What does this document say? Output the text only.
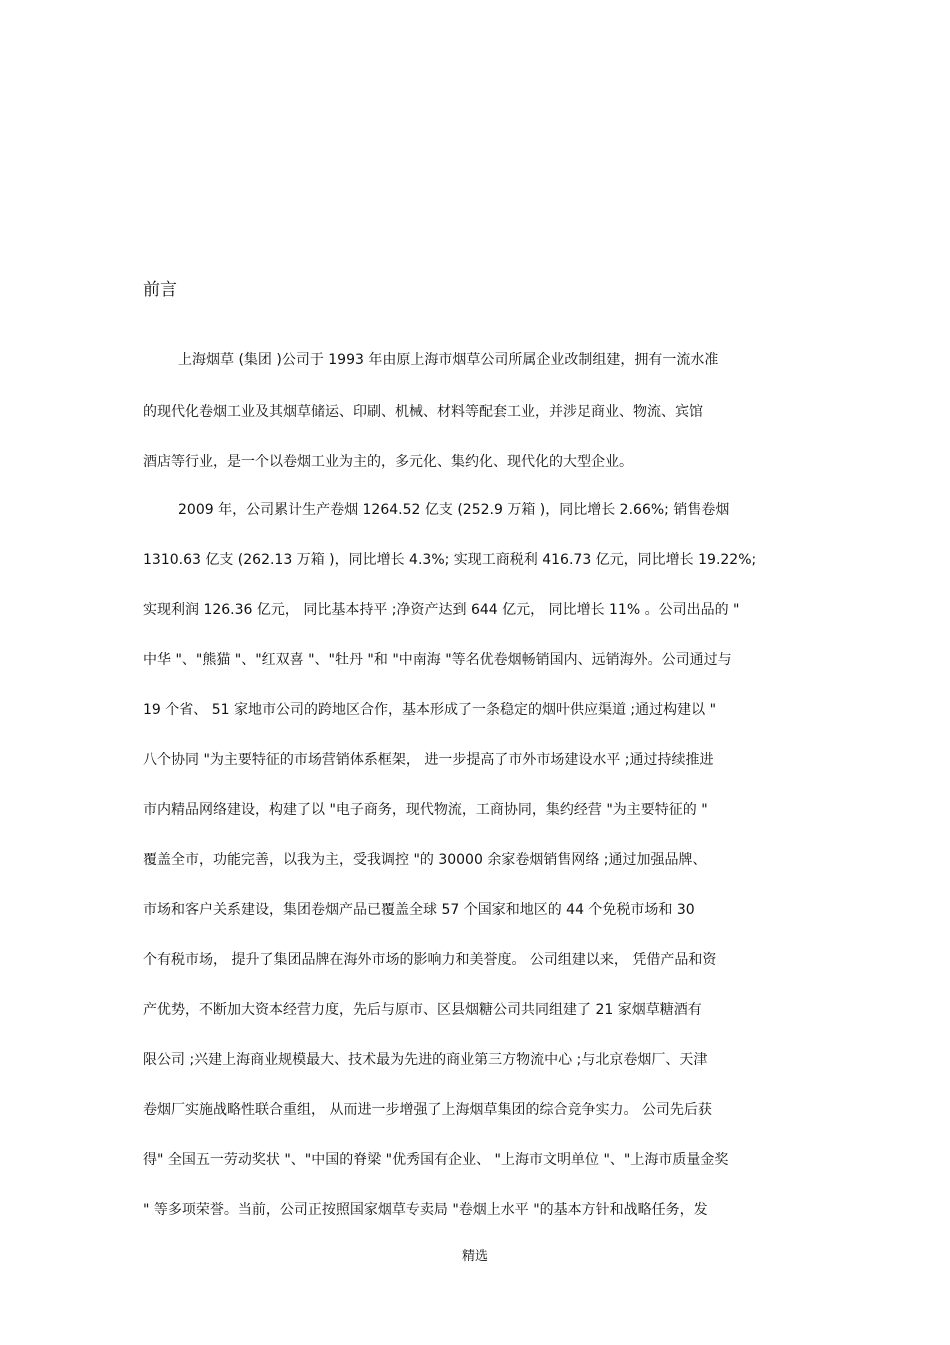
前言
上海烟草 (集团 )公司于 1993 年由原上海市烟草公司所属企业改制组建，拥有一流水准
的现代化卷烟工业及其烟草储运、印刷、机械、材料等配套工业，并涉足商业、物流、宾馆
酒店等行业，是一个以卷烟工业为主的，多元化、集约化、现代化的大型企业。
2009 年，公司累计生产卷烟 1264.52 亿支 (252.9 万箱 )，同比增长 2.66%; 销售卷烟
1310.63 亿支 (262.13 万箱 )，同比增长 4.3%; 实现工商税利 416.73 亿元，同比增长 19.22%;
实现利润 126.36 亿元， 同比基本持平 ;净资产达到 644 亿元， 同比增长 11% 。公司出品的 "
中华 "、"熊猫 "、"红双喜 "、"牡丹 "和 "中南海 "等名优卷烟畅销国内、远销海外。公司通过与
19 个省、 51 家地市公司的跨地区合作，基本形成了一条稳定的烟叶供应渠道 ;通过构建以 "
八个协同 "为主要特征的市场营销体系框架， 进一步提高了市外市场建设水平 ;通过持续推进
市内精品网络建设，构建了以 "电子商务，现代物流，工商协同，集约经营 "为主要特征的 "
覆盖全市，功能完善，以我为主，受我调控 "的 30000 余家卷烟销售网络 ;通过加强品牌、
市场和客户关系建设，集团卷烟产品已覆盖全球 57 个国家和地区的 44 个免税市场和 30
个有税市场， 提升了集团品牌在海外市场的影响力和美誉度。 公司组建以来， 凭借产品和资
产优势，不断加大资本经营力度，先后与原市、区县烟糖公司共同组建了 21 家烟草糖酒有
限公司 ;兴建上海商业规模最大、技术最为先进的商业第三方物流中心 ;与北京卷烟厂、天津
卷烟厂实施战略性联合重组， 从而进一步增强了上海烟草集团的综合竞争实力。 公司先后获
得" 全国五一劳动奖状 "、"中国的脊梁 "优秀国有企业、 "上海市文明单位 "、"上海市质量金奖
" 等多项荣誉。当前，公司正按照国家烟草专卖局 "卷烟上水平 "的基本方针和战略任务，发
精选
